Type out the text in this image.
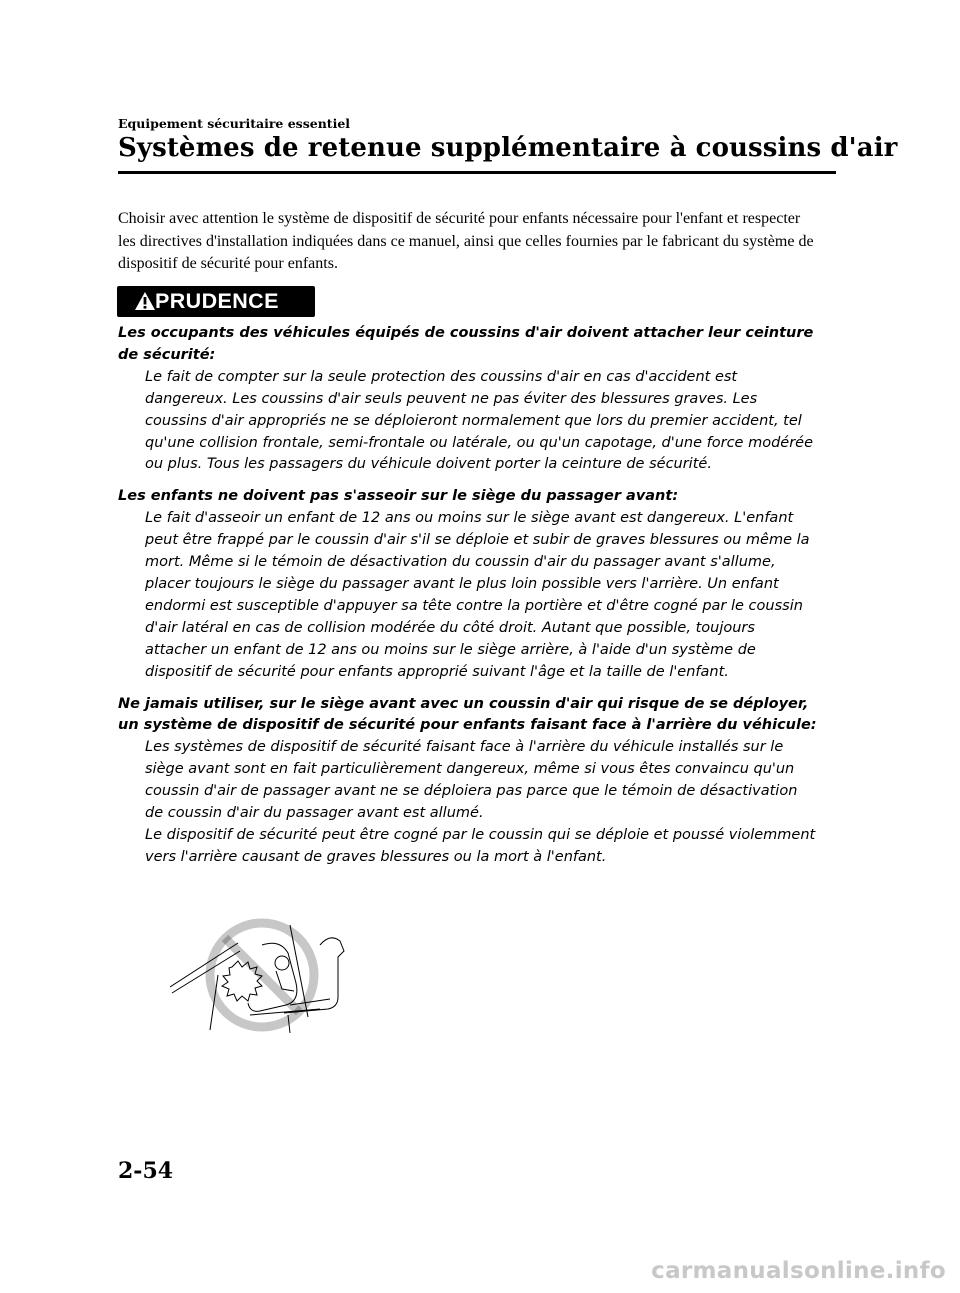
Equipement sécuritaire essentiel
Systèmes de retenue supplémentaire à coussins d'air
Choisir avec attention le système de dispositif de sécurité pour enfants nécessaire pour l'enfant et respecter les directives d'installation indiquées dans ce manuel, ainsi que celles fournies par le fabricant du système de dispositif de sécurité pour enfants.
PRUDENCE
Les occupants des véhicules équipés de coussins d'air doivent attacher leur ceinture de sécurité:

Le fait de compter sur la seule protection des coussins d'air en cas d'accident est dangereux. Les coussins d'air seuls peuvent ne pas éviter des blessures graves. Les coussins d'air appropriés ne se déploieront normalement que lors du premier accident, tel qu'une collision frontale, semi-frontale ou latérale, ou qu'un capotage, d'une force modérée ou plus. Tous les passagers du véhicule doivent porter la ceinture de sécurité.

Les enfants ne doivent pas s'asseoir sur le siège du passager avant:

Le fait d'asseoir un enfant de 12 ans ou moins sur le siège avant est dangereux. L'enfant peut être frappé par le coussin d'air s'il se déploie et subir de graves blessures ou même la mort. Même si le témoin de désactivation du coussin d'air du passager avant s'allume, placer toujours le siège du passager avant le plus loin possible vers l'arrière. Un enfant endormi est susceptible d'appuyer sa tête contre la portière et d'être cogné par le coussin d'air latéral en cas de collision modérée du côté droit. Autant que possible, toujours attacher un enfant de 12 ans ou moins sur le siège arrière, à l'aide d'un système de dispositif de sécurité pour enfants approprié suivant l'âge et la taille de l'enfant.

Ne jamais utiliser, sur le siège avant avec un coussin d'air qui risque de se déployer, un système de dispositif de sécurité pour enfants faisant face à l'arrière du véhicule:

Les systèmes de dispositif de sécurité faisant face à l'arrière du véhicule installés sur le siège avant sont en fait particulièrement dangereux, même si vous êtes convaincu qu'un coussin d'air de passager avant ne se déploiera pas parce que le témoin de désactivation de coussin d'air du passager avant est allumé.

Le dispositif de sécurité peut être cogné par le coussin qui se déploie et poussé violemment vers l'arrière causant de graves blessures ou la mort à l'enfant.

2-54
carmanualsonline.info
